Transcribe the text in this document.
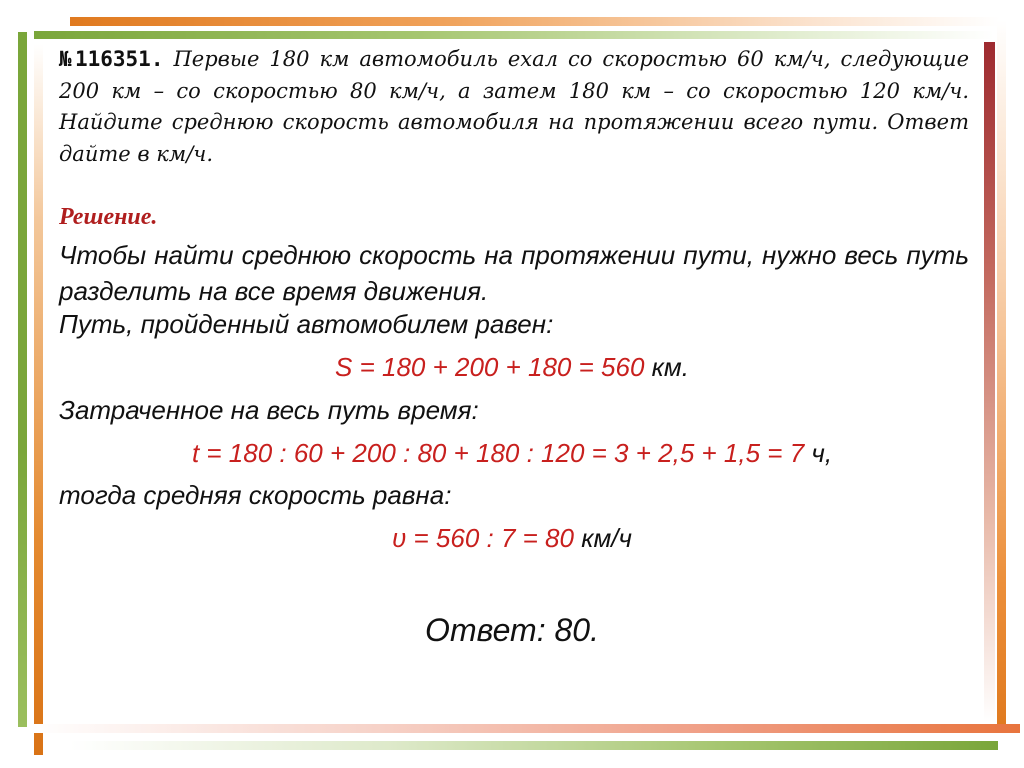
№116351. Первые 180 км автомобиль ехал со скоростью 60 км/ч, следующие 200 км – со скоростью 80 км/ч, а затем 180 км – со скоростью 120 км/ч. Найдите среднюю скорость автомобиля на протяжении всего пути. Ответ дайте в км/ч.

Решение.

Чтобы найти среднюю скорость на протяжении пути, нужно весь путь разделить на все время движения.

Путь, пройденный автомобилем равен:

S = 180 + 200 + 180 = 560 км.

Затраченное на весь путь время:

t = 180 : 60 + 200 : 80 + 180 : 120 = 3 + 2,5 + 1,5 = 7 ч,

тогда средняя скорость равна:

υ = 560 : 7 = 80 км/ч

Ответ: 80.
